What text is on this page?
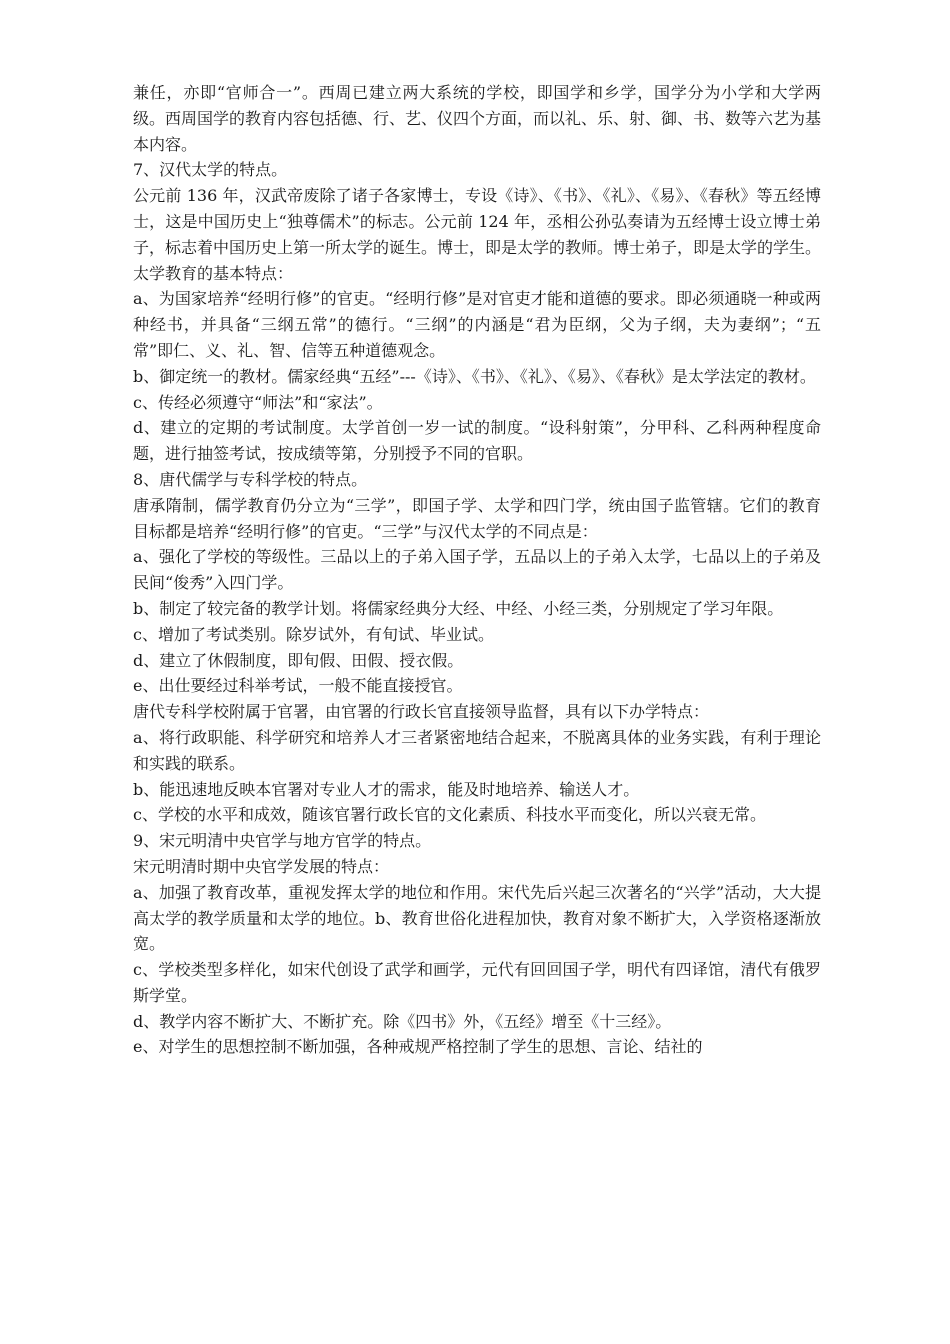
兼任，亦即“官师合一”。西周已建立两大系统的学校，即国学和乡学，国学分为小学和大学两级。西周国学的教育内容包括德、行、艺、仪四个方面，而以礼、乐、射、御、书、数等六艺为基本内容。

7、汉代太学的特点。

公元前 136 年，汉武帝废除了诸子各家博士，专设《诗》、《书》、《礼》、《易》、《春秋》等五经博士，这是中国历史上“独尊儒术”的标志。公元前 124 年，丞相公孙弘奏请为五经博士设立博士弟子，标志着中国历史上第一所太学的诞生。博士，即是太学的教师。博士弟子，即是太学的学生。太学教育的基本特点：

a、为国家培养“经明行修”的官吏。“经明行修”是对官吏才能和道德的要求。即必须通晓一种或两种经书，并具备“三纲五常”的德行。“三纲”的内涵是“君为臣纲，父为子纲，夫为妻纲”；“五常”即仁、义、礼、智、信等五种道德观念。

b、御定统一的教材。儒家经典“五经”---《诗》、《书》、《礼》、《易》、《春秋》是太学法定的教材。

c、传经必须遵守“师法”和“家法”。

d、建立的定期的考试制度。太学首创一岁一试的制度。“设科射策”，分甲科、乙科两种程度命题，进行抽签考试，按成绩等第，分别授予不同的官职。

8、唐代儒学与专科学校的特点。

唐承隋制，儒学教育仍分立为“三学”，即国子学、太学和四门学，统由国子监管辖。它们的教育目标都是培养“经明行修”的官吏。“三学”与汉代太学的不同点是：

a、强化了学校的等级性。三品以上的子弟入国子学，五品以上的子弟入太学，七品以上的子弟及民间“俊秀”入四门学。

b、制定了较完备的教学计划。将儒家经典分大经、中经、小经三类，分别规定了学习年限。

c、增加了考试类别。除岁试外，有旬试、毕业试。

d、建立了休假制度，即旬假、田假、授衣假。

e、出仕要经过科举考试，一般不能直接授官。

唐代专科学校附属于官署，由官署的行政长官直接领导监督，具有以下办学特点：

a、将行政职能、科学研究和培养人才三者紧密地结合起来，不脱离具体的业务实践，有利于理论和实践的联系。

b、能迅速地反映本官署对专业人才的需求，能及时地培养、输送人才。

c、学校的水平和成效，随该官署行政长官的文化素质、科技水平而变化，所以兴衰无常。

9、宋元明清中央官学与地方官学的特点。

宋元明清时期中央官学发展的特点：

a、加强了教育改革，重视发挥太学的地位和作用。宋代先后兴起三次著名的“兴学”活动，大大提高太学的教学质量和太学的地位。b、教育世俗化进程加快，教育对象不断扩大，入学资格逐渐放宽。

c、学校类型多样化，如宋代创设了武学和画学，元代有回回国子学，明代有四译馆，清代有俄罗斯学堂。

d、教学内容不断扩大、不断扩充。除《四书》外，《五经》增至《十三经》。

e、对学生的思想控制不断加强，各种戒规严格控制了学生的思想、言论、结社的
